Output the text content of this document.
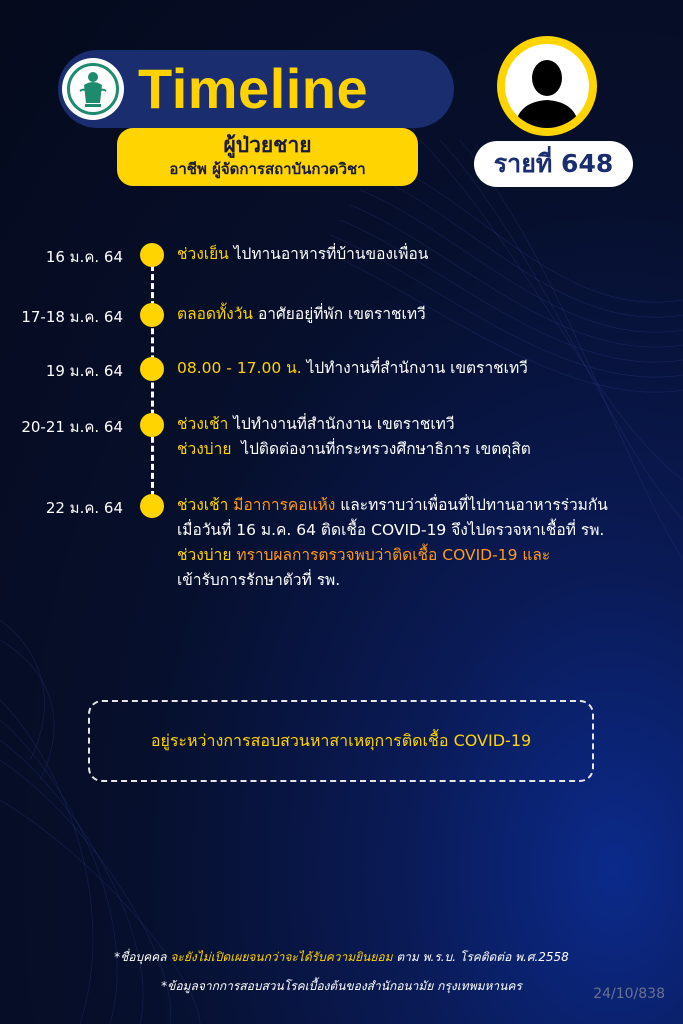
Timeline
ผู้ป่วยชาย
อาชีพ ผู้จัดการสถาบันกวดวิชา	รายที่ 648
16 ม.ค. 64	ช่วงเย็น ไปทานอาหารที่บ้านของเพื่อน
17-18 ม.ค. 64	ตลอดทั้งวัน อาศัยอยู่ที่พัก เขตราชเทวี
19 ม.ค. 64	08.00 - 17.00 น. ไปทำงานที่สำนักงาน เขตราชเทวี
20-21 ม.ค. 64	ช่วงเช้า ไปทำงานที่สำนักงาน เขตราชเทวี
ช่วงบ่าย  ไปติดต่องานที่กระทรวงศึกษาธิการ เขตดุสิต
22 ม.ค. 64	ช่วงเช้า มีอาการคอแห้ง และทราบว่าเพื่อนที่ไปทานอาหารร่วมกัน
เมื่อวันที่ 16 ม.ค. 64 ติดเชื้อ COVID-19 จึงไปตรวจหาเชื้อที่ รพ.
ช่วงบ่าย ทราบผลการตรวจพบว่าติดเชื้อ COVID-19 และ
เข้ารับการรักษาตัวที่ รพ.
อยู่ระหว่างการสอบสวนหาสาเหตุการติดเชื้อ COVID-19
*ชื่อบุคคล จะยังไม่เปิดเผยจนกว่าจะได้รับความยินยอม ตาม พ.ร.บ. โรคติดต่อ พ.ศ.2558
*ข้อมูลจากการสอบสวนโรคเบื้องต้นของสำนักอนามัย กรุงเทพมหานคร	24/10/838
